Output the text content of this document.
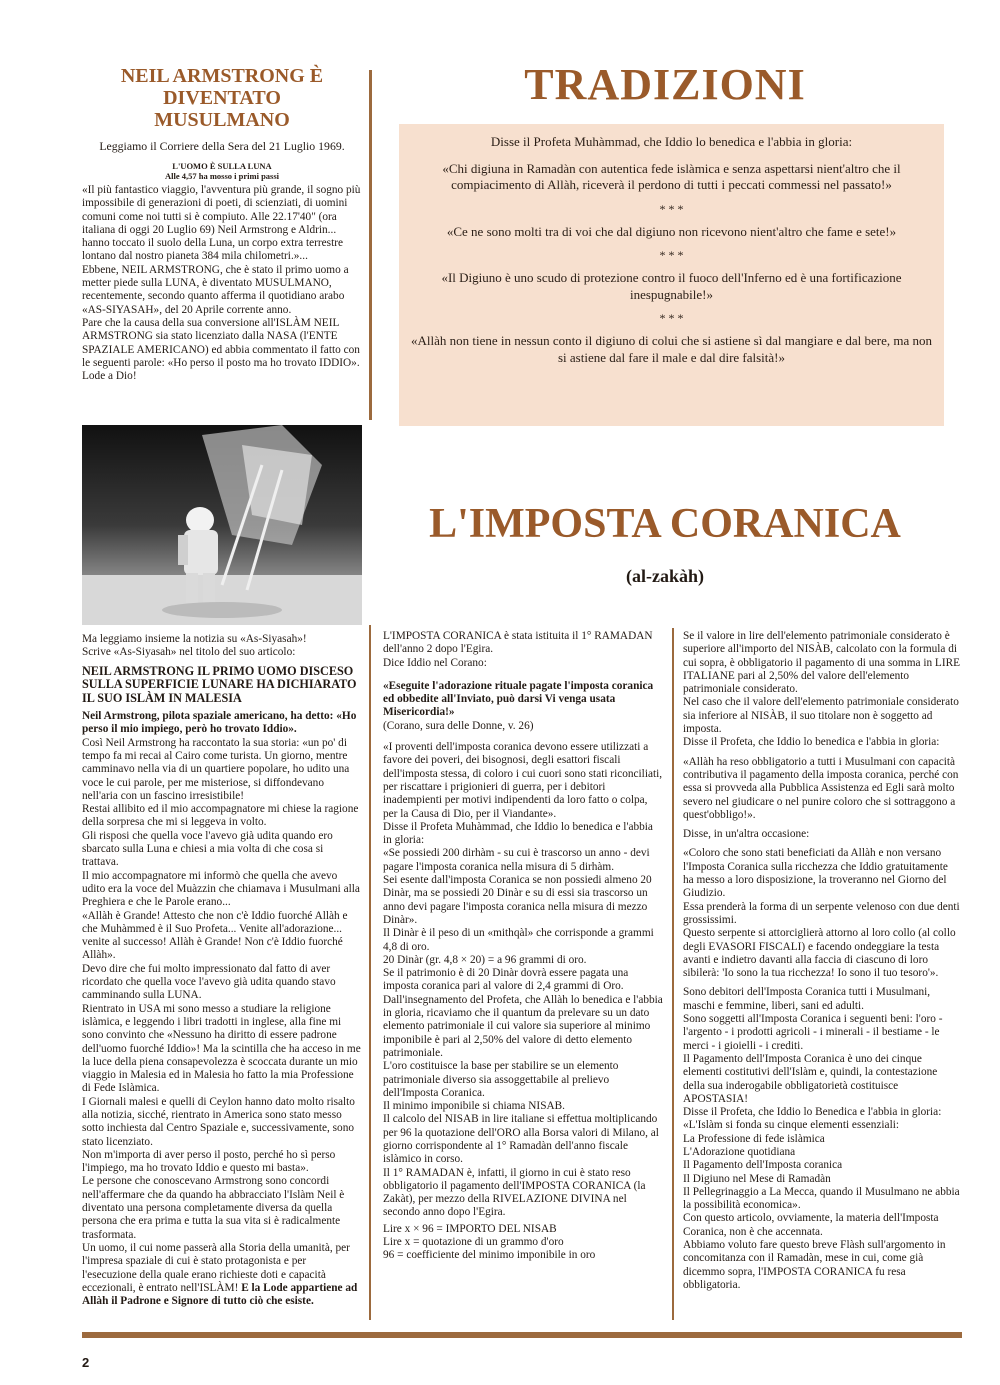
NEIL ARMSTRONG È DIVENTATO MUSULMANO

Leggiamo il Corriere della Sera del 21 Luglio 1969.

L'UOMO È SULLA LUNA

Alle 4,57 ha mosso i primi passi

«Il più fantastico viaggio, l'avventura più grande, il sogno più impossibile di generazioni di poeti, di scienziati, di uomini comuni come noi tutti si è compiuto. Alle 22.17'40" (ora italiana di oggi 20 Luglio 69) Neil Armstrong e Aldrin... hanno toccato il suolo della Luna, un corpo extra terrestre lontano dal nostro pianeta 384 mila chilometri.»...

Ebbene, NEIL ARMSTRONG, che è stato il primo uomo a metter piede sulla LUNA, è diventato MUSULMANO, recentemente, secondo quanto afferma il quotidiano arabo «AS-SIYASAH», del 20 Aprile corrente anno.

Pare che la causa della sua conversione all'ISLÀM NEIL ARMSTRONG sia stato licenziato dalla NASA (l'ENTE SPAZIALE AMERICANO) ed abbia commentato il fatto con le seguenti parole: «Ho perso il posto ma ho trovato IDDIO».

Lode a Dio!

Ma leggiamo insieme la notizia su «As-Siyasah»!

Scrive «As-Siyasah» nel titolo del suo articolo:

NEIL ARMSTRONG IL PRIMO UOMO DISCESO SULLA SUPERFICIE LUNARE HA DICHIARATO IL SUO ISLÀM IN MALESIA

Neil Armstrong, pilota spaziale americano, ha detto: «Ho perso il mio impiego, però ho trovato Iddio».

Così Neil Armstrong ha raccontato la sua storia: «un po' di tempo fa mi recai al Cairo come turista. Un giorno, mentre camminavo nella via di un quartiere popolare, ho udito una voce le cui parole, per me misteriose, si diffondevano nell'aria con un fascino irresistibile!

Restai allibito ed il mio accompagnatore mi chiese la ragione della sorpresa che mi si leggeva in volto.

Gli risposi che quella voce l'avevo già udita quando ero sbarcato sulla Luna e chiesi a mia volta di che cosa si trattava.

Il mio accompagnatore mi informò che quella che avevo udito era la voce del Muàzzin che chiamava i Musulmani alla Preghiera e che le Parole erano...

«Allàh è Grande! Attesto che non c'è Iddio fuorché Allàh e che Muhàmmed è il Suo Profeta... Venite all'adorazione... venite al successo! Allàh è Grande! Non c'è Iddio fuorché Allàh».

Devo dire che fui molto impressionato dal fatto di aver ricordato che quella voce l'avevo già udita quando stavo camminando sulla LUNA.

Rientrato in USA mi sono messo a studiare la religione islàmica, e leggendo i libri tradotti in inglese, alla fine mi sono convinto che «Nessuno ha diritto di essere padrone dell'uomo fuorché Iddio»! Ma la scintilla che ha acceso in me la luce della piena consapevolezza è scoccata durante un mio viaggio in Malesia ed in Malesia ho fatto la mia Professione di Fede Islàmica.

I Giornali malesi e quelli di Ceylon hanno dato molto risalto alla notizia, sicché, rientrato in America sono stato messo sotto inchiesta dal Centro Spaziale e, successivamente, sono stato licenziato.

Non m'importa di aver perso il posto, perché ho sì perso l'impiego, ma ho trovato Iddio e questo mi basta».

Le persone che conoscevano Armstrong sono concordi nell'affermare che da quando ha abbracciato l'Islàm Neil è diventato una persona completamente diversa da quella persona che era prima e tutta la sua vita si è radicalmente trasformata.

Un uomo, il cui nome passerà alla Storia della umanità, per l'impresa spaziale di cui è stato protagonista e per l'esecuzione della quale erano richieste doti e capacità eccezionali, è entrato nell'ISLÀM! E la Lode appartiene ad Allàh il Padrone e Signore di tutto ciò che esiste.

TRADIZIONI

Disse il Profeta Muhàmmad, che Iddio lo benedica e l'abbia in gloria:

«Chi digiuna in Ramadàn con autentica fede islàmica e senza aspettarsi nient'altro che il compiacimento di Allàh, riceverà il perdono di tutti i peccati commessi nel passato!»

* * *

«Ce ne sono molti tra di voi che dal digiuno non ricevono nient'altro che fame e sete!»

* * *

«Il Digiuno è uno scudo di protezione contro il fuoco dell'Inferno ed è una fortificazione inespugnabile!»

* * *

«Allàh non tiene in nessun conto il digiuno di colui che si astiene sì dal mangiare e dal bere, ma non si astiene dal fare il male e dal dire falsità!»

L'IMPOSTA CORANICA
(al-zakàh)

L'IMPOSTA CORANICA è stata istituita il 1° RAMADAN dell'anno 2 dopo l'Egira.

Dice Iddio nel Corano:

«Eseguite l'adorazione rituale pagate l'imposta coranica ed obbedite all'Inviato, può darsi Vi venga usata Misericordia!»

(Corano, sura delle Donne, v. 26)

«I proventi dell'imposta coranica devono essere utilizzati a favore dei poveri, dei bisognosi, degli esattori fiscali dell'imposta stessa, di coloro i cui cuori sono stati riconciliati, per riscattare i prigionieri di guerra, per i debitori inadempienti per motivi indipendenti da loro fatto o colpa, per la Causa di Dio, per il Viandante».

Disse il Profeta Muhàmmad, che Iddio lo benedica e l'abbia in gloria:

«Se possiedi 200 dirhàm - su cui è trascorso un anno - devi pagare l'imposta coranica nella misura di 5 dirhàm.

Sei esente dall'imposta Coranica se non possiedi almeno 20 Dinàr, ma se possiedi 20 Dinàr e su di essi sia trascorso un anno devi pagare l'imposta coranica nella misura di mezzo Dinàr».

Il Dinàr è il peso di un «mithqàl» che corrisponde a grammi 4,8 di oro.

20 Dinàr (gr. 4,8 × 20) = a 96 grammi di oro.

Se il patrimonio è di 20 Dinàr dovrà essere pagata una imposta coranica pari al valore di 2,4 grammi di Oro.

Dall'insegnamento del Profeta, che Allàh lo benedica e l'abbia in gloria, ricaviamo che il quantum da prelevare su un dato elemento patrimoniale il cui valore sia superiore al minimo imponibile è pari al 2,50% del valore di detto elemento patrimoniale.

L'oro costituisce la base per stabilire se un elemento patrimoniale diverso sia assoggettabile al prelievo dell'Imposta Coranica.

Il minimo imponibile si chiama NISAB.

Il calcolo del NISAB in lire italiane si effettua moltiplicando per 96 la quotazione dell'ORO alla Borsa valori di Milano, al giorno corrispondente al 1° Ramadàn dell'anno fiscale islàmico in corso.

Il 1° RAMADAN è, infatti, il giorno in cui è stato reso obbligatorio il pagamento dell'IMPOSTA CORANICA (la Zakàt), per mezzo della RIVELAZIONE DIVINA nel secondo anno dopo l'Egira.

Lire x × 96 = IMPORTO DEL NISAB

Lire x = quotazione di un grammo d'oro

96 = coefficiente del minimo imponibile in oro

Se il valore in lire dell'elemento patrimoniale considerato è superiore all'importo del NISÀB, calcolato con la formula di cui sopra, è obbligatorio il pagamento di una somma in LIRE ITALIANE pari al 2,50% del valore dell'elemento patrimoniale considerato.

Nel caso che il valore dell'elemento patrimoniale considerato sia inferiore al NISÀB, il suo titolare non è soggetto ad imposta.

Disse il Profeta, che Iddio lo benedica e l'abbia in gloria:

«Allàh ha reso obbligatorio a tutti i Musulmani con capacità contributiva il pagamento della imposta coranica, perché con essa si provveda alla Pubblica Assistenza ed Egli sarà molto severo nel giudicare o nel punire coloro che si sottraggono a quest'obbligo!».

Disse, in un'altra occasione:

«Coloro che sono stati beneficiati da Allàh e non versano l'Imposta Coranica sulla ricchezza che Iddio gratuitamente ha messo a loro disposizione, la troveranno nel Giorno del Giudizio.

Essa prenderà la forma di un serpente velenoso con due denti grossissimi.

Questo serpente si attorciglierà attorno al loro collo (al collo degli EVASORI FISCALI) e facendo ondeggiare la testa avanti e indietro davanti alla faccia di ciascuno di loro sibilerà: 'Io sono la tua ricchezza! Io sono il tuo tesoro'».

Sono debitori dell'Imposta Coranica tutti i Musulmani, maschi e femmine, liberi, sani ed adulti.

Sono soggetti all'Imposta Coranica i seguenti beni: l'oro - l'argento - i prodotti agricoli - i minerali - il bestiame - le merci - i gioielli - i crediti.

Il Pagamento dell'Imposta Coranica è uno dei cinque elementi costitutivi dell'Islàm e, quindi, la contestazione della sua inderogabile obbligatorietà costituisce APOSTASIA!

Disse il Profeta, che Iddio lo Benedica e l'abbia in gloria:

«L'Islàm si fonda su cinque elementi essenziali:

La Professione di fede islàmica

L'Adorazione quotidiana

Il Pagamento dell'Imposta coranica

Il Digiuno nel Mese di Ramadàn

Il Pellegrinaggio a La Mecca, quando il Musulmano ne abbia la possibilità economica».

Con questo articolo, ovviamente, la materia dell'Imposta Coranica, non è che accennata.

Abbiamo voluto fare questo breve Flàsh sull'argomento in concomitanza con il Ramadàn, mese in cui, come già dicemmo sopra, l'IMPOSTA CORANICA fu resa obbligatoria.

2
